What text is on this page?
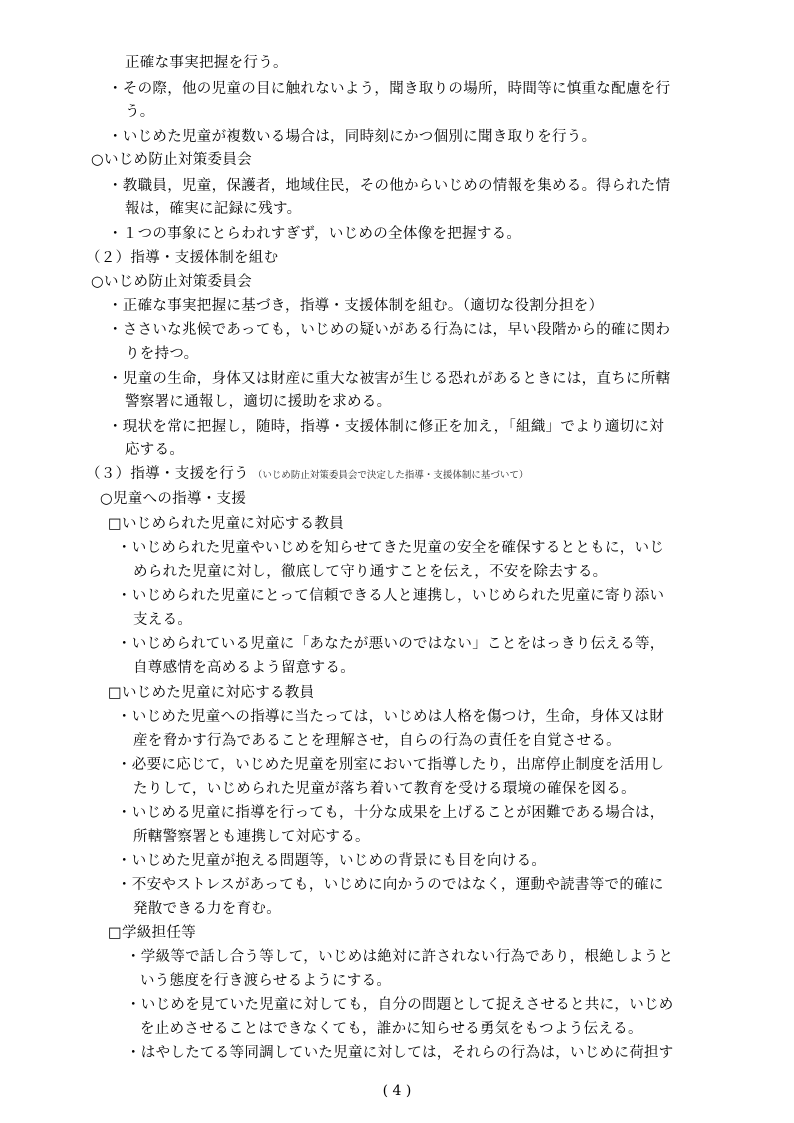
正確な事実把握を行う。
・その際，他の児童の目に触れないよう，聞き取りの場所，時間等に慎重な配慮を行
う。
・いじめた児童が複数いる場合は，同時刻にかつ個別に聞き取りを行う。
○いじめ防止対策委員会
・教職員，児童，保護者，地域住民，その他からいじめの情報を集める。得られた情
報は，確実に記録に残す。
・１つの事象にとらわれすぎず，いじめの全体像を把握する。
（２）指導・支援体制を組む
○いじめ防止対策委員会
・正確な事実把握に基づき，指導・支援体制を組む。（適切な役割分担を）
・ささいな兆候であっても，いじめの疑いがある行為には，早い段階から的確に関わ
りを持つ。
・児童の生命，身体又は財産に重大な被害が生じる恐れがあるときには，直ちに所轄
警察署に通報し，適切に援助を求める。
・現状を常に把握し，随時，指導・支援体制に修正を加え，「組織」でより適切に対
応する。
（３）指導・支援を行う （いじめ防止対策委員会で決定した指導・支援体制に基づいて）
○児童への指導・支援
□いじめられた児童に対応する教員
・いじめられた児童やいじめを知らせてきた児童の安全を確保するとともに，いじ
められた児童に対し，徹底して守り通すことを伝え，不安を除去する。
・いじめられた児童にとって信頼できる人と連携し，いじめられた児童に寄り添い
支える。
・いじめられている児童に「あなたが悪いのではない」ことをはっきり伝える等，
自尊感情を高めるよう留意する。
□いじめた児童に対応する教員
・いじめた児童への指導に当たっては，いじめは人格を傷つけ，生命，身体又は財
産を脅かす行為であることを理解させ，自らの行為の責任を自覚させる。
・必要に応じて，いじめた児童を別室において指導したり，出席停止制度を活用し
たりして，いじめられた児童が落ち着いて教育を受ける環境の確保を図る。
・いじめる児童に指導を行っても，十分な成果を上げることが困難である場合は，
所轄警察署とも連携して対応する。
・いじめた児童が抱える問題等，いじめの背景にも目を向ける。
・不安やストレスがあっても，いじめに向かうのではなく，運動や読書等で的確に
発散できる力を育む。
□学級担任等
・学級等で話し合う等して，いじめは絶対に許されない行為であり，根絶しようと
いう態度を行き渡らせるようにする。
・いじめを見ていた児童に対しても，自分の問題として捉えさせると共に，いじめ
を止めさせることはできなくても，誰かに知らせる勇気をもつよう伝える。
・はやしたてる等同調していた児童に対しては，それらの行為は，いじめに荷担す
( 4 )
